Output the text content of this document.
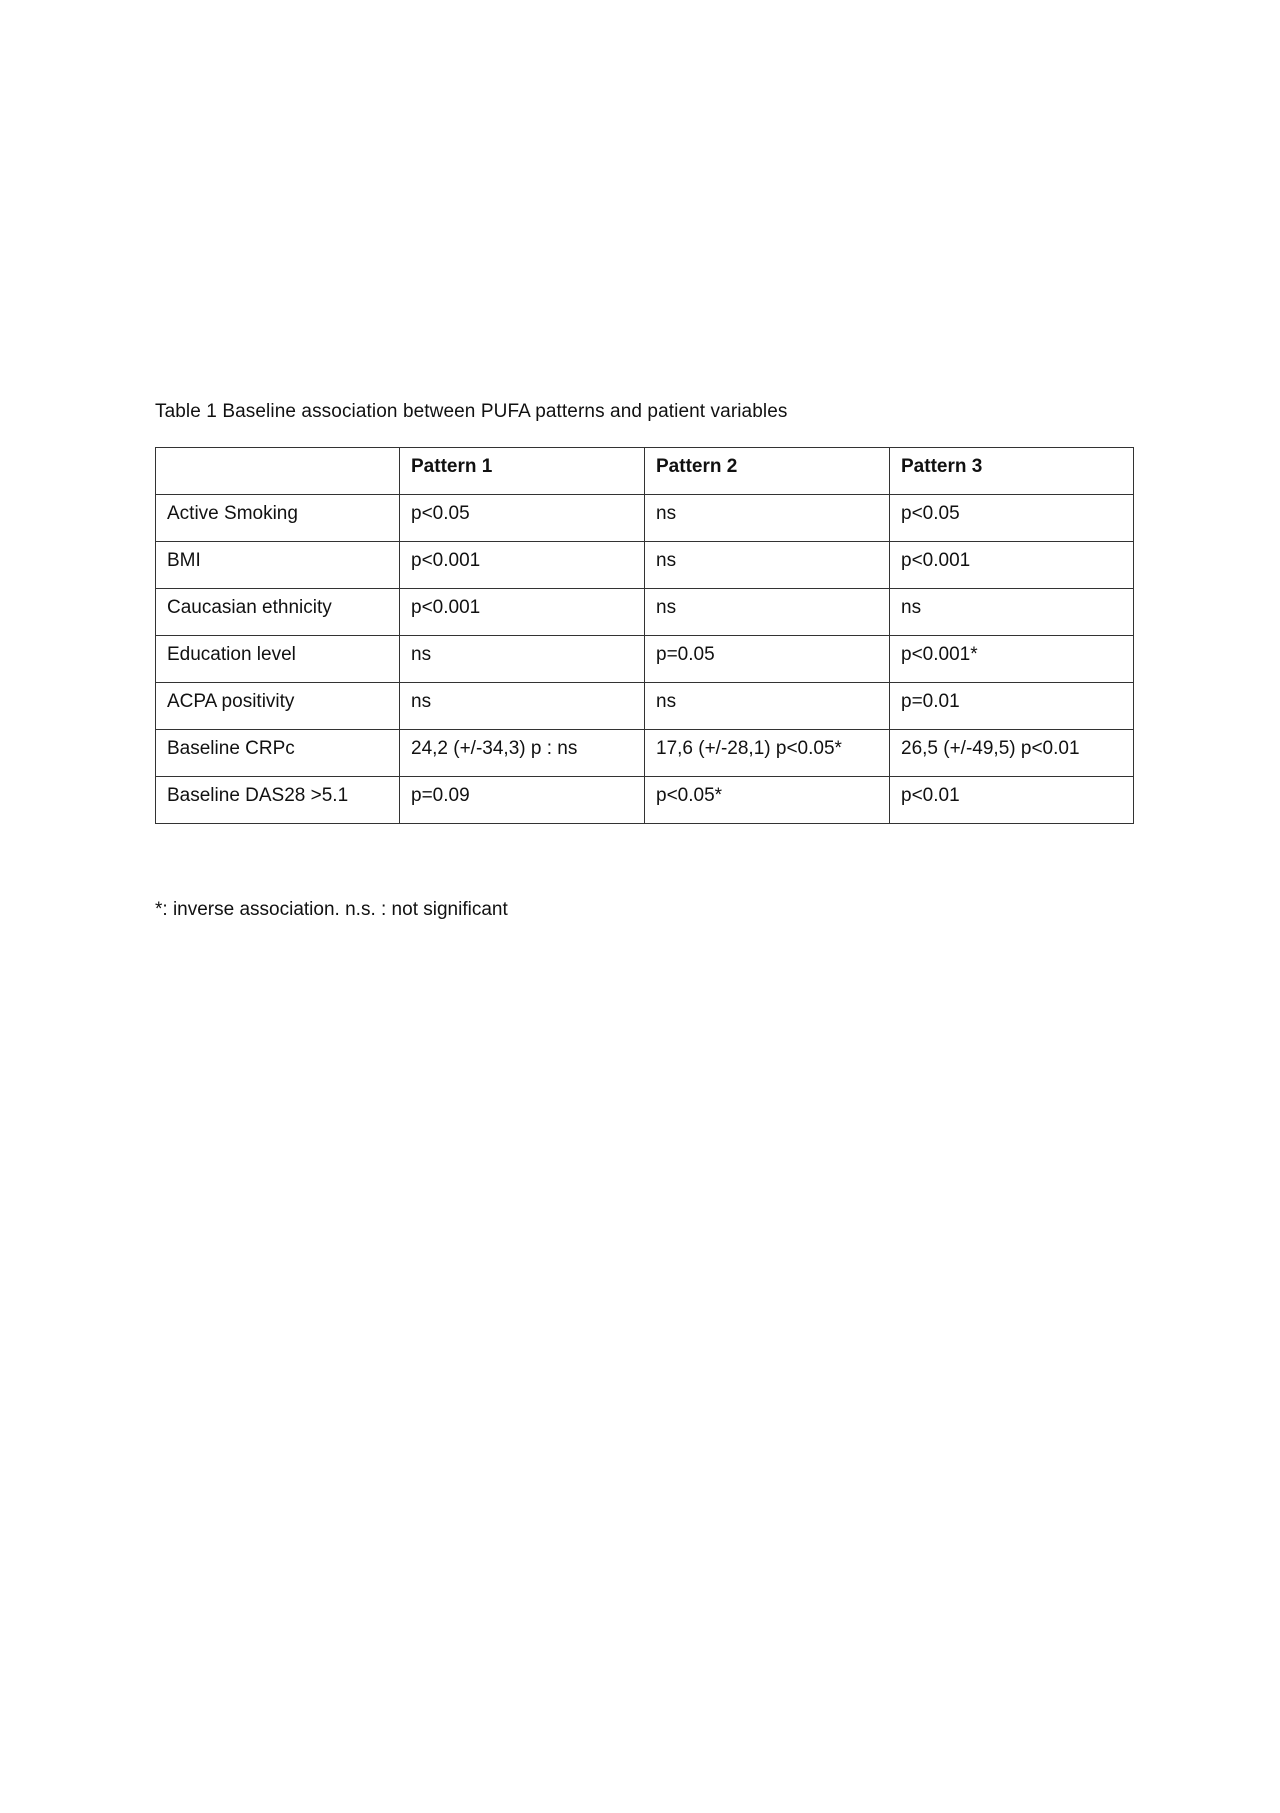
Table 1 Baseline association between PUFA patterns and patient variables
	Pattern 1	Pattern 2	Pattern 3
Active Smoking	p<0.05	ns	p<0.05
BMI	p<0.001	ns	p<0.001
Caucasian ethnicity	p<0.001	ns	ns
Education level	ns	p=0.05	p<0.001*
ACPA positivity	ns	ns	p=0.01
Baseline CRPc	24,2 (+/-34,3) p : ns	17,6 (+/-28,1) p<0.05*	26,5 (+/-49,5) p<0.01
Baseline DAS28 >5.1	p=0.09	p<0.05*	p<0.01
*: inverse association. n.s. : not significant
